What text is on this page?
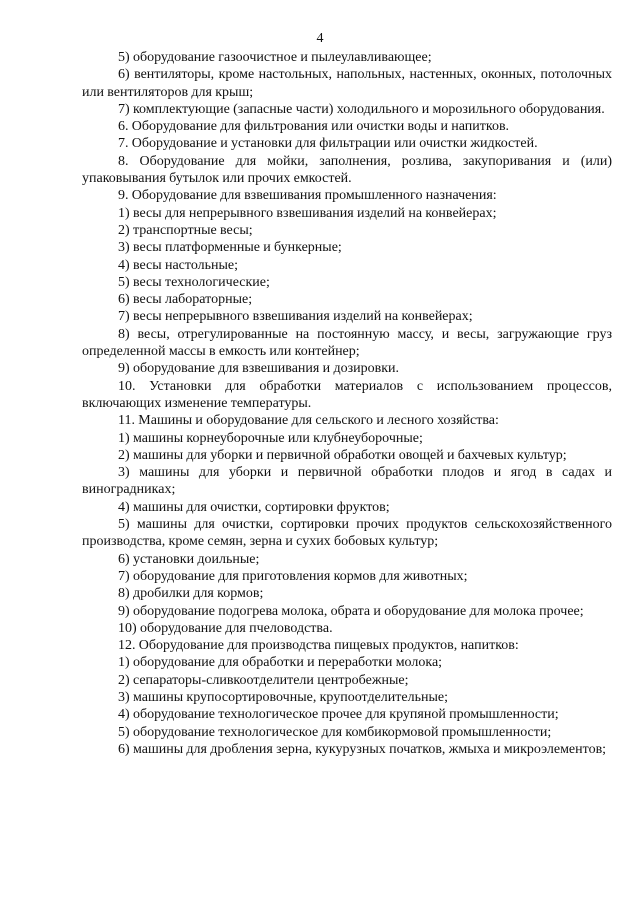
4

5) оборудование газоочистное и пылеулавливающее;

6) вентиляторы, кроме настольных, напольных, настенных, оконных, потолочных или вентиляторов для крыш;

7) комплектующие (запасные части) холодильного и морозильного оборудования.

6. Оборудование для фильтрования или очистки воды и напитков.

7. Оборудование и установки для фильтрации или очистки жидкостей.

8. Оборудование для мойки, заполнения, розлива, закупоривания и (или) упаковывания бутылок или прочих емкостей.

9. Оборудование для взвешивания промышленного назначения:

1) весы для непрерывного взвешивания изделий на конвейерах;

2) транспортные весы;

3) весы платформенные и бункерные;

4) весы настольные;

5) весы технологические;

6) весы лабораторные;

7) весы непрерывного взвешивания изделий на конвейерах;

8) весы, отрегулированные на постоянную массу, и весы, загружающие груз определенной массы в емкость или контейнер;

9) оборудование для взвешивания и дозировки.

10. Установки для обработки материалов с использованием процессов, включающих изменение температуры.

11. Машины и оборудование для сельского и лесного хозяйства:

1) машины корнеуборочные или клубнеуборочные;

2) машины для уборки и первичной обработки овощей и бахчевых культур;

3) машины для уборки и первичной обработки плодов и ягод в садах и виноградниках;

4) машины для очистки, сортировки фруктов;

5) машины для очистки, сортировки прочих продуктов сельскохозяйственного производства, кроме семян, зерна и сухих бобовых культур;

6) установки доильные;

7) оборудование для приготовления кормов для животных;

8) дробилки для кормов;

9) оборудование подогрева молока, обрата и оборудование для молока прочее;

10) оборудование для пчеловодства.

12. Оборудование для производства пищевых продуктов, напитков:

1) оборудование для обработки и переработки молока;

2) сепараторы-сливкоотделители центробежные;

3) машины крупосортировочные, крупоотделительные;

4) оборудование технологическое прочее для крупяной промышленности;

5) оборудование технологическое для комбикормовой промышленности;

6) машины для дробления зерна, кукурузных початков, жмыха и микроэлементов;
